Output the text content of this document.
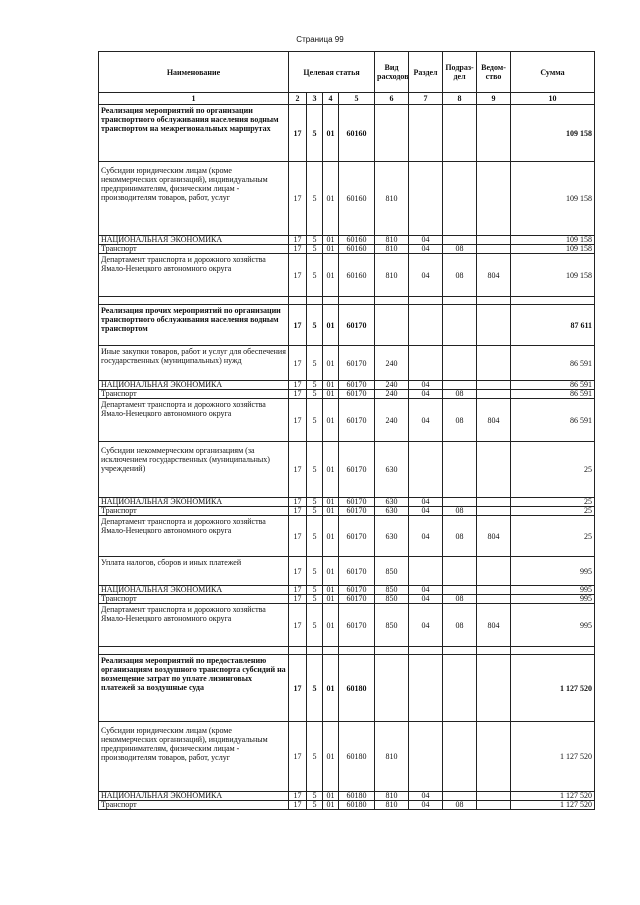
Страница 99
Наименование	Целевая статья				Вид расходов	Раздел	Подраз-дел	Ведом-ство	Сумма
1	2	3	4	5	6	7	8	9	10
Реализация мероприятий по организации транспортного обслуживания населения водным транспортом на межрегиональных маршрутах	17	5	01	60160					109 158
Субсидии юридическим лицам (кроме некоммерческих организаций), индивидуальным предпринимателям, физическим лицам - производителям товаров, работ, услуг	17	5	01	60160	810				109 158
НАЦИОНАЛЬНАЯ ЭКОНОМИКА	17	5	01	60160	810	04			109 158
Транспорт	17	5	01	60160	810	04	08		109 158
Департамент транспорта и дорожного хозяйства Ямало-Ненецкого автономного округа	17	5	01	60160	810	04	08	804	109 158

Реализация прочих мероприятий по организации транспортного обслуживания населения водным транспортом	17	5	01	60170					87 611
Иные закупки товаров, работ и услуг для обеспечения государственных (муниципальных) нужд	17	5	01	60170	240				86 591
НАЦИОНАЛЬНАЯ ЭКОНОМИКА	17	5	01	60170	240	04			86 591
Транспорт	17	5	01	60170	240	04	08		86 591
Департамент транспорта и дорожного хозяйства Ямало-Ненецкого автономного округа	17	5	01	60170	240	04	08	804	86 591
Субсидии некоммерческим организациям (за исключением государственных (муниципальных) учреждений)	17	5	01	60170	630				25
НАЦИОНАЛЬНАЯ ЭКОНОМИКА	17	5	01	60170	630	04			25
Транспорт	17	5	01	60170	630	04	08		25
Департамент транспорта и дорожного хозяйства Ямало-Ненецкого автономного округа	17	5	01	60170	630	04	08	804	25
Уплата налогов, сборов и иных платежей	17	5	01	60170	850				995
НАЦИОНАЛЬНАЯ ЭКОНОМИКА	17	5	01	60170	850	04			995
Транспорт	17	5	01	60170	850	04	08		995
Департамент транспорта и дорожного хозяйства Ямало-Ненецкого автономного округа	17	5	01	60170	850	04	08	804	995

Реализация мероприятий по предоставлению организациям воздушного транспорта субсидий на возмещение затрат по уплате лизинговых платежей за воздушные суда	17	5	01	60180					1 127 520
Субсидии юридическим лицам (кроме некоммерческих организаций), индивидуальным предпринимателям, физическим лицам - производителям товаров, работ, услуг	17	5	01	60180	810				1 127 520
НАЦИОНАЛЬНАЯ ЭКОНОМИКА	17	5	01	60180	810	04			1 127 520
Транспорт	17	5	01	60180	810	04	08		1 127 520
